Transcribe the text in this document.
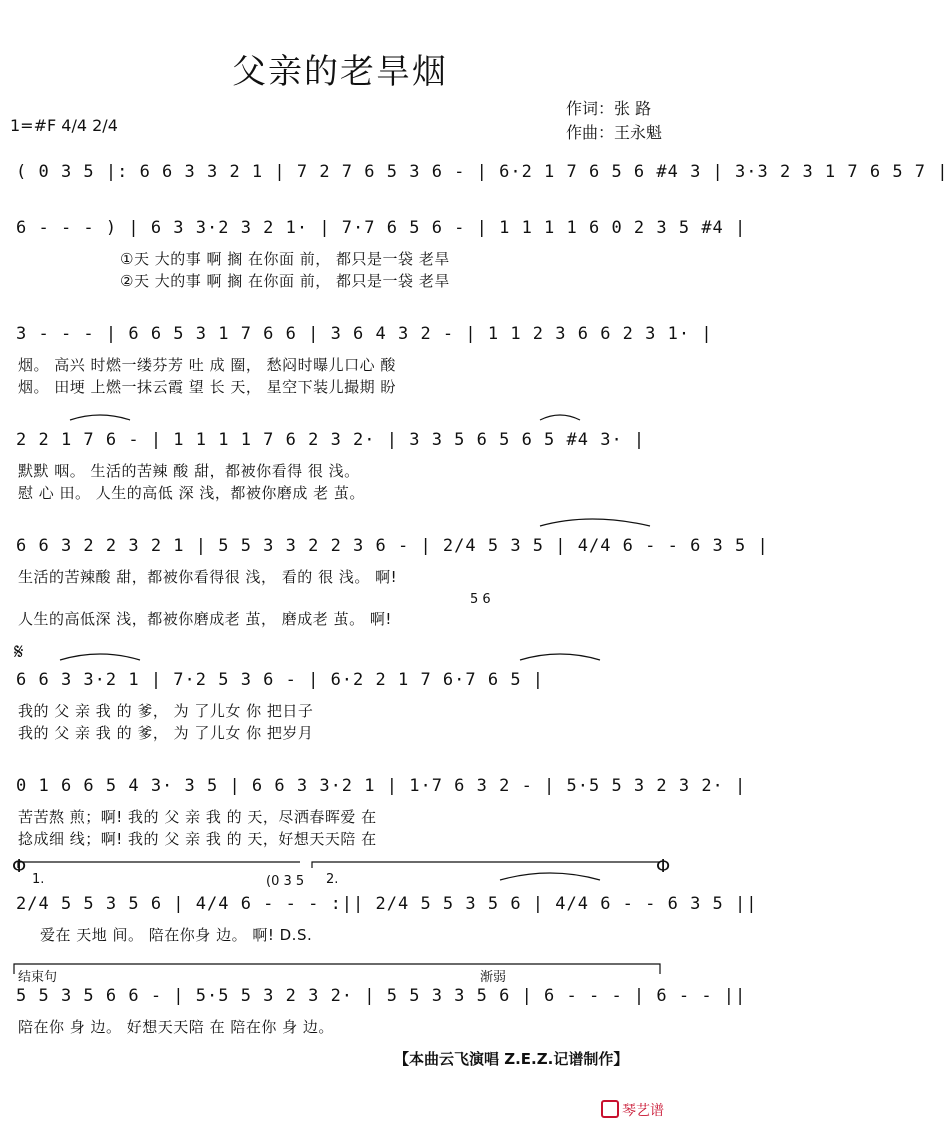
父亲的老旱烟
1=#F 4/4 2/4
作词：张 路
作曲：王永魁
( 0 3 5 |: 6 6 3 3 2 1 | 7 2 7 6 5 3 6 - | 6·2 1 7 6 5 6 #4 3 | 3·3 2 3 1 7 6 5 7 |
6 - - - ) | 6 3 3·2 3 2 1· | 7·7 6 5 6 - | 1 1 1 1 6 0 2 3 5 #4 |
①天 大的事 啊 搁 在你面 前， 都只是一袋 老旱
②天 大的事 啊 搁 在你面 前， 都只是一袋 老旱
3 - - - | 6 6 5 3 1 7 6 6 | 3 6 4 3 2 - | 1 1 2 3 6 6 2 3 1· |
烟。 高兴 时燃一缕芬芳 吐 成 圈， 愁闷时曝儿口心 酸
烟。 田埂 上燃一抹云霞 望 长 天， 星空下装儿撮期 盼
2 2 1 7 6 - | 1 1 1 1 7 6 2 3 2· | 3 3 5 6 5 6 5 #4 3· |
默默 咽。 生活的苦辣 酸 甜，都被你看得 很 浅。
慰 心 田。 人生的高低 深 浅，都被你磨成 老 茧。
6 6 3 2 2 3 2 1 | 5 5 3 3 2 2 3 6 - | 2/4 5 3 5 | 4/4 6 - - 6 3 5 |
生活的苦辣酸 甜，都被你看得很 浅， 看的 很 浅。 啊!
5 6
人生的高低深 浅，都被你磨成老 茧， 磨成老 茧。 啊!
𝄋
6 6 3 3·2 1 | 7·2 5 3 6 - | 6·2 2 1 7 6·7 6 5 |
我的 父 亲 我 的 爹， 为 了儿女 你 把日子
我的 父 亲 我 的 爹， 为 了儿女 你 把岁月
0 1 6 6 5 4 3· 3 5 | 6 6 3 3·2 1 | 1·7 6 3 2 - | 5·5 5 3 2 3 2· |
苦苦熬 煎；啊! 我的 父 亲 我 的 天，尽洒春晖爱 在
捻成细 线；啊! 我的 父 亲 我 的 天，好想天天陪 在
Φ	Φ
1.	2.
(0 3 5
2/4 5 5 3 5 6 | 4/4 6 - - - :|| 2/4 5 5 3 5 6 | 4/4 6 - - 6 3 5 ||
爱在 天地 间。 陪在你身 边。 啊! D.S.
结束句	渐弱
5 5 3 5 6 6 - | 5·5 5 3 2 3 2· | 5 5 3 3 5 6 | 6 - - - | 6 - - ||
陪在你 身 边。 好想天天陪 在 陪在你 身 边。
【本曲云飞演唱 Z.E.Z.记谱制作】
琴艺谱
